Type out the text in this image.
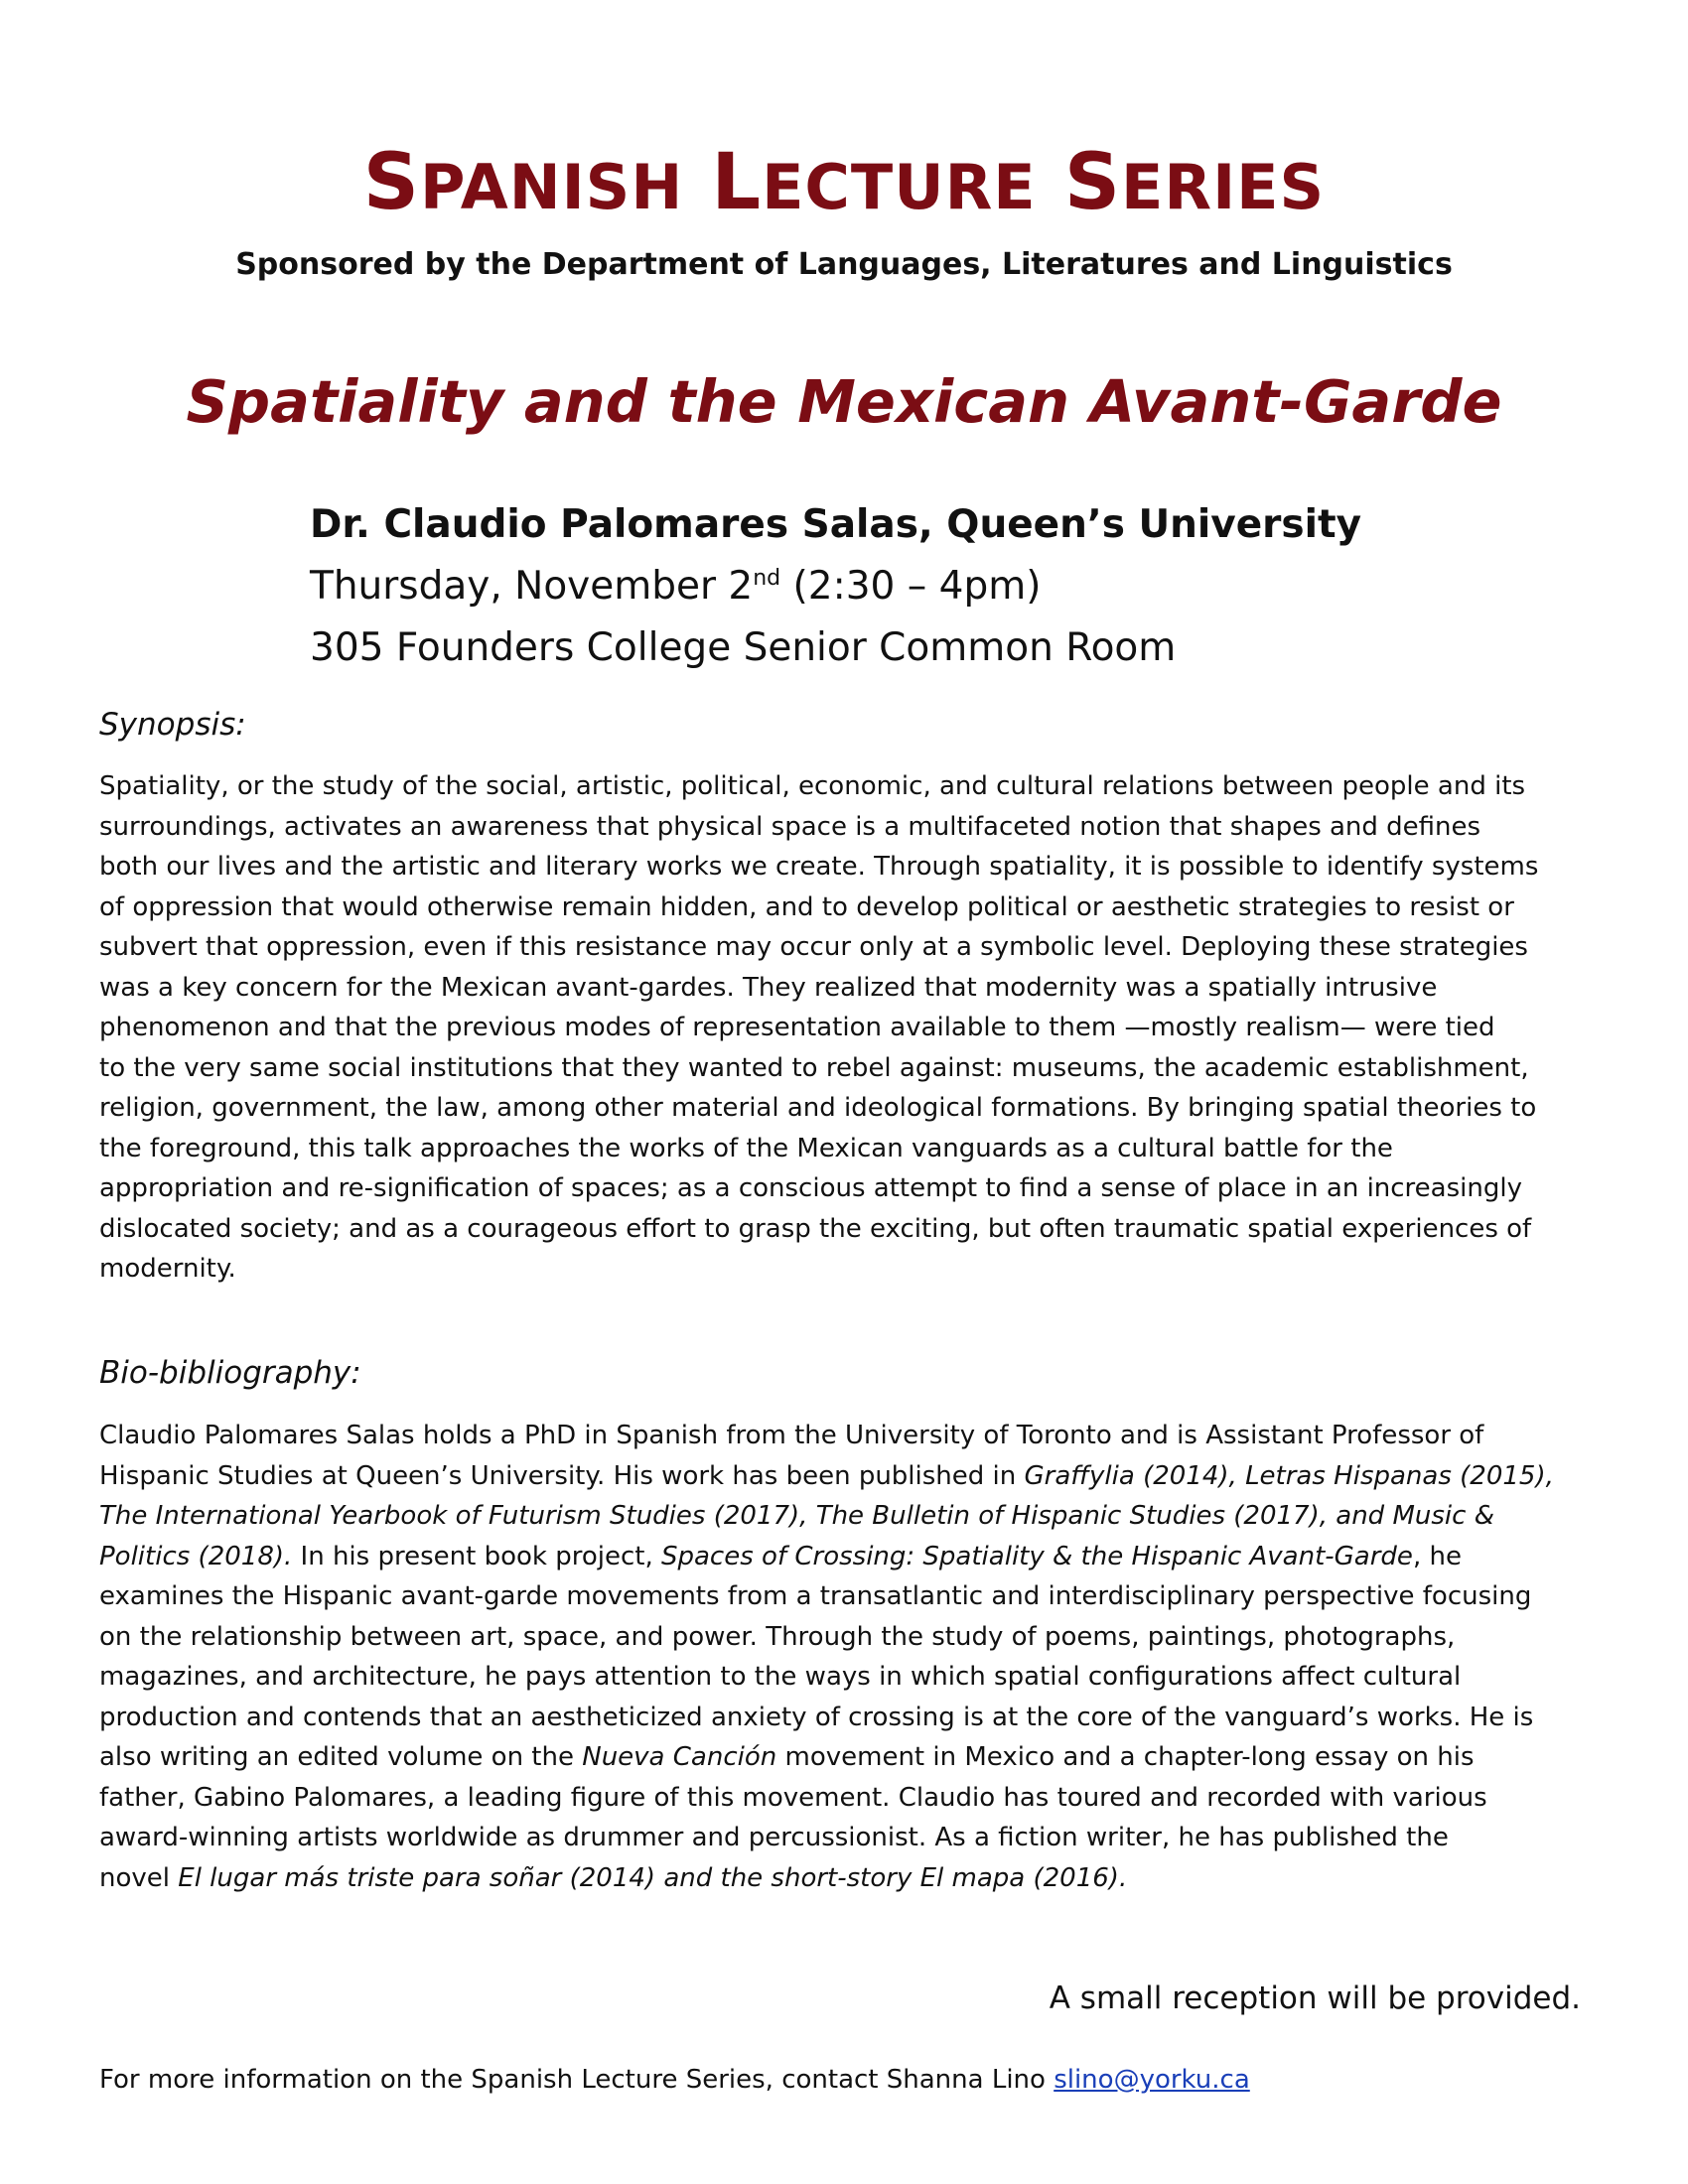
SPANISH LECTURE SERIES
Sponsored by the Department of Languages, Literatures and Linguistics
Spatiality and the Mexican Avant-Garde
Dr. Claudio Palomares Salas, Queen’s University
Thursday, November 2nd (2:30 – 4pm)
305 Founders College Senior Common Room
Synopsis:
Spatiality, or the study of the social, artistic, political, economic, and cultural relations between people and its
surroundings, activates an awareness that physical space is a multifaceted notion that shapes and defines
both our lives and the artistic and literary works we create. Through spatiality, it is possible to identify systems
of oppression that would otherwise remain hidden, and to develop political or aesthetic strategies to resist or
subvert that oppression, even if this resistance may occur only at a symbolic level. Deploying these strategies
was a key concern for the Mexican avant-gardes. They realized that modernity was a spatially intrusive
phenomenon and that the previous modes of representation available to them —mostly realism— were tied
to the very same social institutions that they wanted to rebel against: museums, the academic establishment,
religion, government, the law, among other material and ideological formations. By bringing spatial theories to
the foreground, this talk approaches the works of the Mexican vanguards as a cultural battle for the
appropriation and re-signification of spaces; as a conscious attempt to find a sense of place in an increasingly
dislocated society; and as a courageous effort to grasp the exciting, but often traumatic spatial experiences of
modernity.
Bio-bibliography:
Claudio Palomares Salas holds a PhD in Spanish from the University of Toronto and is Assistant Professor of
Hispanic Studies at Queen’s University. His work has been published in Graffylia (2014), Letras Hispanas (2015),
The International Yearbook of Futurism Studies (2017), The Bulletin of Hispanic Studies (2017), and Music &
Politics (2018). In his present book project, Spaces of Crossing: Spatiality & the Hispanic Avant-Garde, he
examines the Hispanic avant-garde movements from a transatlantic and interdisciplinary perspective focusing
on the relationship between art, space, and power. Through the study of poems, paintings, photographs,
magazines, and architecture, he pays attention to the ways in which spatial configurations affect cultural
production and contends that an aestheticized anxiety of crossing is at the core of the vanguard’s works. He is
also writing an edited volume on the Nueva Canción movement in Mexico and a chapter-long essay on his
father, Gabino Palomares, a leading figure of this movement. Claudio has toured and recorded with various
award-winning artists worldwide as drummer and percussionist. As a fiction writer, he has published the
novel El lugar más triste para soñar (2014) and the short-story El mapa (2016).
A small reception will be provided.
For more information on the Spanish Lecture Series, contact Shanna Lino slino@yorku.ca
